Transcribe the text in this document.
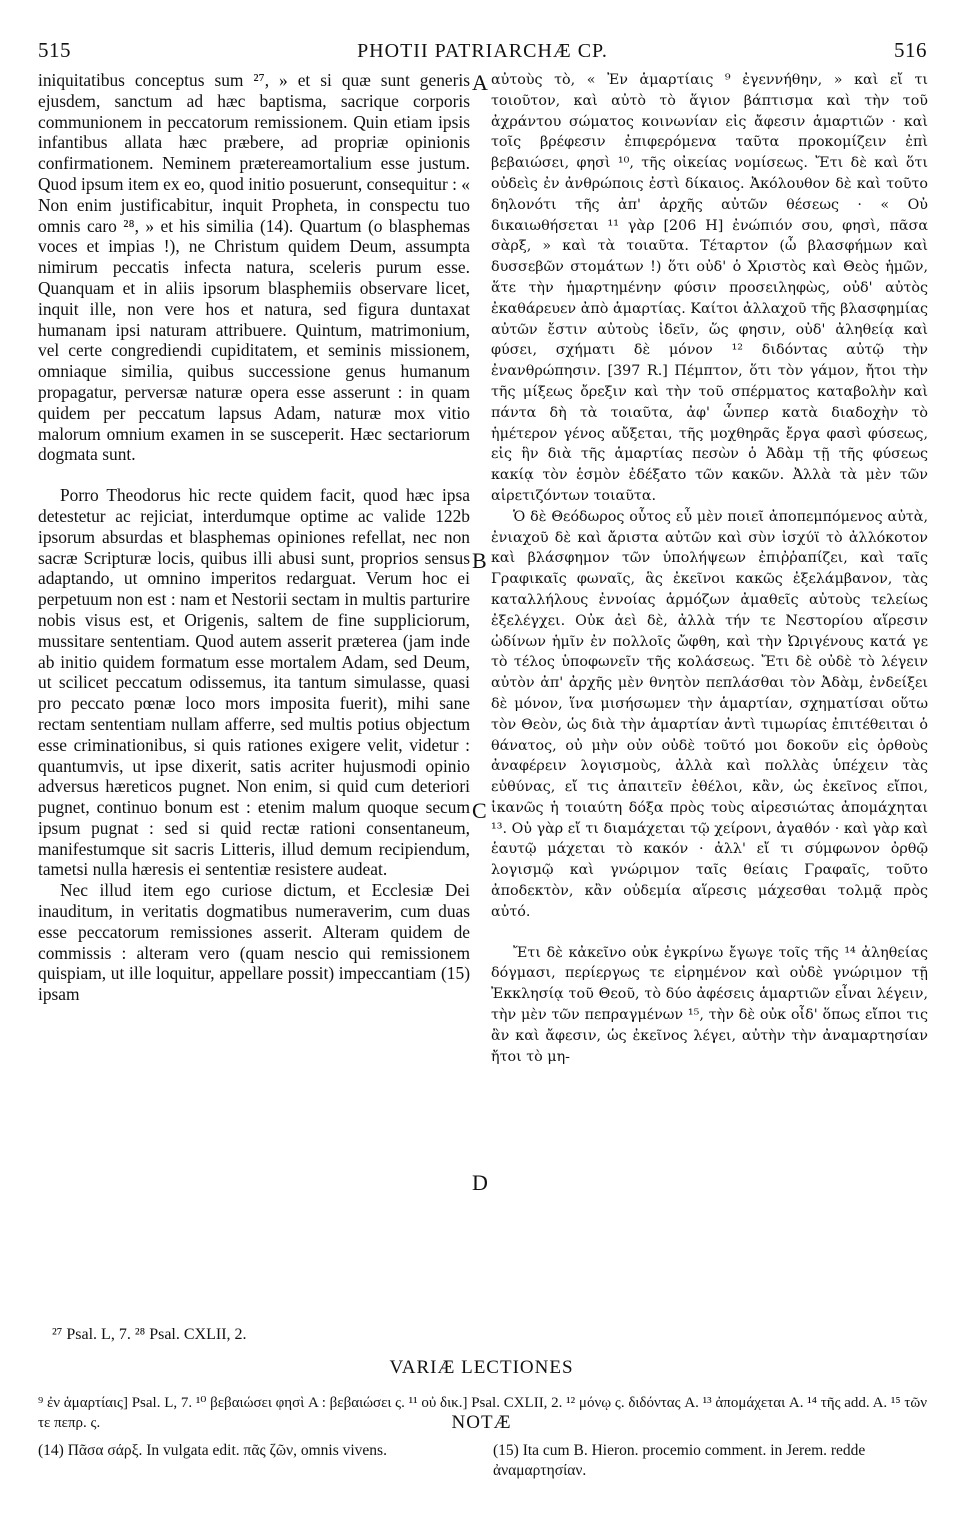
515	PHOTII PATRIARCHÆ CP.	516

iniquitatibus conceptus sum ²⁷, » et si quæ sunt generis ejusdem, sanctum ad hæc baptisma, sacrique corporis communionem in peccatorum remissionem. Quin etiam ipsis infantibus allata hæc præbere, ad propriæ opinionis confirmationem. Neminem prætereamortalium esse justum. Quod ipsum item ex eo, quod initio posuerunt, consequitur : « Non enim justificabitur, inquit Propheta, in conspectu tuo omnis caro ²⁸, » et his similia (14). Quartum (o blasphemas voces et impias !), ne Christum quidem Deum, assumpta nimirum peccatis infecta natura, sceleris purum esse. Quanquam et in aliis ipsorum blasphemiis observare licet, inquit ille, non vere hos et natura, sed figura duntaxat humanam ipsi naturam attribuere. Quintum, matrimonium, vel certe congrediendi cupiditatem, et seminis missionem, omniaque similia, quibus successione genus humanum propagatur, perversæ naturæ opera esse asserunt : in quam quidem per peccatum lapsus Adam, naturæ mox vitio malorum omnium examen in se susceperit. Hæc sectariorum dogmata sunt.

Porro Theodorus hic recte quidem facit, quod hæc ipsa detestetur ac rejiciat, interdumque optime ac valide 122b ipsorum absurdas et blasphemas opiniones refellat, nec non sacræ Scripturæ locis, quibus illi abusi sunt, proprios sensus adaptando, ut omnino imperitos redarguat. Verum hoc ei perpetuum non est : nam et Nestorii sectam in multis parturire nobis visus est, et Origenis, saltem de fine suppliciorum, mussitare sententiam. Quod autem asserit præterea (jam inde ab initio quidem formatum esse mortalem Adam, sed Deum, ut scilicet peccatum odissemus, ita tantum simulasse, quasi pro peccato pœnæ loco mors imposita fuerit), mihi sane rectam sententiam nullam afferre, sed multis potius objectum esse criminationibus, si quis rationes exigere velit, videtur : quantumvis, ut ipse dixerit, satis acriter hujusmodi opinio adversus hæreticos pugnet. Non enim, si quid cum deteriori pugnet, continuo bonum est : etenim malum quoque secum ipsum pugnat : sed si quid rectæ rationi consentaneum, manifestumque sit sacris Litteris, illud demum recipiendum, tametsi nulla hæresis ei sententiæ resistere audeat.

Nec illud item ego curiose dictum, et Ecclesiæ Dei inauditum, in veritatis dogmatibus numeraverim, cum duas esse peccatorum remissiones asserit. Alteram quidem de commissis : alteram vero (quam nescio qui remissionem quispiam, ut ille loquitur, appellare possit) impeccantiam (15) ipsam

αὐτοὺς τὸ, « Ἐν ἁμαρτίαις ⁹ ἐγεννήθην, » καὶ εἴ τι τοιοῦτον, καὶ αὐτὸ τὸ ἅγιον βάπτισμα καὶ τὴν τοῦ ἀχράντου σώματος κοινωνίαν εἰς ἄφεσιν ἁμαρτιῶν · καὶ τοῖς βρέφεσιν ἐπιφερόμενα ταῦτα προκομίζειν ἐπὶ βεβαιώσει, φησὶ ¹⁰, τῆς οἰκείας νομίσεως. Ἔτι δὲ καὶ ὅτι οὐδεὶς ἐν ἀνθρώποις ἐστὶ δίκαιος. Ἀκόλουθον δὲ καὶ τοῦτο δηλονότι τῆς ἀπ' ἀρχῆς αὐτῶν θέσεως · « Οὐ δικαιωθήσεται ¹¹ γὰρ [206 H] ἐνώπιόν σου, φησὶ, πᾶσα σὰρξ, » καὶ τὰ τοιαῦτα. Τέταρτον (ὦ βλασφήμων καὶ δυσσεβῶν στομάτων !) ὅτι οὐδ' ὁ Χριστὸς καὶ Θεὸς ἡμῶν, ἅτε τὴν ἡμαρτημένην φύσιν προσειληφὼς, οὐδ' αὐτὸς ἐκαθάρευεν ἀπὸ ἁμαρτίας. Καίτοι ἀλλαχοῦ τῆς βλασφημίας αὐτῶν ἔστιν αὐτοὺς ἰδεῖν, ὥς φησιν, οὐδ' ἀληθείᾳ καὶ φύσει, σχήματι δὲ μόνον ¹² διδόντας αὐτῷ τὴν ἐνανθρώπησιν. [397 R.] Πέμπτον, ὅτι τὸν γάμον, ἤτοι τὴν τῆς μίξεως ὄρεξιν καὶ τὴν τοῦ σπέρματος καταβολὴν καὶ πάντα δὴ τὰ τοιαῦτα, ἀφ' ὧνπερ κατὰ διαδοχὴν τὸ ἡμέτερον γένος αὔξεται, τῆς μοχθηρᾶς ἔργα φασὶ φύσεως, εἰς ἣν διὰ τῆς ἁμαρτίας πεσὼν ὁ Ἀδὰμ τῇ τῆς φύσεως κακίᾳ τὸν ἑσμὸν ἐδέξατο τῶν κακῶν. Ἀλλὰ τὰ μὲν τῶν αἱρετιζόντων τοιαῦτα.

Ὁ δὲ Θεόδωρος οὗτος εὖ μὲν ποιεῖ ἀποπεμπόμενος αὐτὰ, ἐνιαχοῦ δὲ καὶ ἄριστα αὐτῶν καὶ σὺν ἰσχύϊ τὸ ἀλλόκοτον καὶ βλάσφημον τῶν ὑπολήψεων ἐπιῤῥαπίζει, καὶ ταῖς Γραφικαῖς φωναῖς, ἃς ἐκεῖνοι κακῶς ἐξελάμβανον, τὰς καταλλήλους ἐννοίας ἁρμόζων ἀμαθεῖς αὐτοὺς τελείως ἐξελέγχει. Οὐκ ἀεὶ δὲ, ἀλλὰ τήν τε Νεστορίου αἵρεσιν ὠδίνων ἡμῖν ἐν πολλοῖς ὤφθη, καὶ τὴν Ὠριγένους κατά γε τὸ τέλος ὑποφωνεῖν τῆς κολάσεως. Ἔτι δὲ οὐδὲ τὸ λέγειν αὐτὸν ἀπ' ἀρχῆς μὲν θνητὸν πεπλάσθαι τὸν Ἀδὰμ, ἐνδείξει δὲ μόνον, ἵνα μισήσωμεν τὴν ἁμαρτίαν, σχηματίσαι οὕτω τὸν Θεὸν, ὡς διὰ τὴν ἁμαρτίαν ἀντὶ τιμωρίας ἐπιτέθειται ὁ θάνατος, οὐ μὴν οὐν οὐδὲ τοῦτό μοι δοκοῦν εἰς ὀρθοὺς ἀναφέρειν λογισμοὺς, ἀλλὰ καὶ πολλὰς ὑπέχειν τὰς εὐθύνας, εἴ τις ἀπαιτεῖν ἐθέλοι, κἂν, ὡς ἐκεῖνος εἴποι, ἱκανῶς ἡ τοιαύτη δόξα πρὸς τοὺς αἱρεσιώτας ἀπομάχηται ¹³. Οὐ γὰρ εἴ τι διαμάχεται τῷ χείρονι, ἀγαθόν · καὶ γὰρ καὶ ἑαυτῷ μάχεται τὸ κακόν · ἀλλ' εἴ τι σύμφωνον ὀρθῷ λογισμῷ καὶ γνώριμον ταῖς θείαις Γραφαῖς, τοῦτο ἀποδεκτὸν, κἂν οὐδεμία αἵρεσις μάχεσθαι τολμᾷ πρὸς αὐτό.

Ἔτι δὲ κἀκεῖνο οὐκ ἐγκρίνω ἔγωγε τοῖς τῆς ¹⁴ ἀληθείας δόγμασι, περίεργως τε εἰρημένον καὶ οὐδὲ γνώριμον τῇ Ἐκκλησίᾳ τοῦ Θεοῦ, τὸ δύο ἀφέσεις ἁμαρτιῶν εἶναι λέγειν, τὴν μὲν τῶν πεπραγμένων ¹⁵, τὴν δὲ οὐκ οἶδ' ὅπως εἴποι τις ἂν καὶ ἄφεσιν, ὡς ἐκεῖνος λέγει, αὐτὴν τὴν ἀναμαρτησίαν ἤτοι τὸ μη-

A
B
C
D
²⁷ Psal. L, 7. ²⁸ Psal. CXLII, 2.
VARIÆ LECTIONES
⁹ ἐν ἁμαρτίαις] Psal. L, 7. ¹⁰ βεβαιώσει φησὶ A : βεβαιώσει ς. ¹¹ οὐ δικ.] Psal. CXLII, 2. ¹² μόνῳ ς. διδόντας A. ¹³ ἀπομάχεται A. ¹⁴ τῆς add. A. ¹⁵ τῶν τε πεπρ. ς.	NOTÆ
(14) Πᾶσα σάρξ. In vulgata edit. πᾶς ζῶν, omnis vivens.	(15) Ita cum B. Hieron. procemio comment. in Jerem. redde ἀναμαρτησίαν.
